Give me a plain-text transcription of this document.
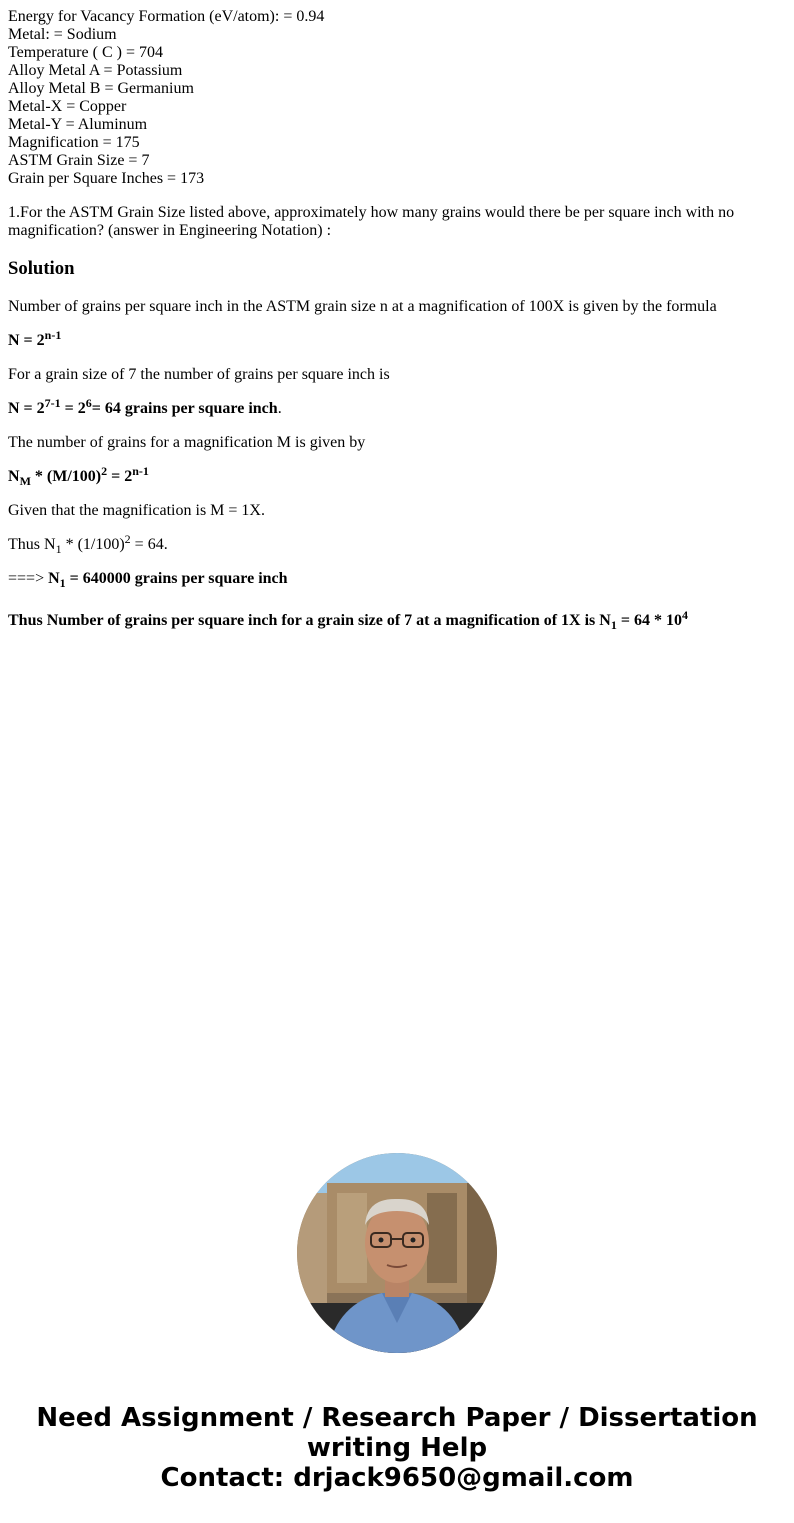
Energy for Vacancy Formation (eV/atom): = 0.94
Metal: = Sodium
Temperature ( C ) = 704
Alloy Metal A = Potassium
Alloy Metal B = Germanium
Metal-X = Copper
Metal-Y = Aluminum
Magnification = 175
ASTM Grain Size = 7
Grain per Square Inches = 173

1.For the ASTM Grain Size listed above, approximately how many grains would there be per square inch with no magnification? (answer in Engineering Notation) :

Solution

Number of grains per square inch in the ASTM grain size n at a magnification of 100X is given by the formula

$N = 2^{n-1}$

For a grain size of 7 the number of grains per square inch is

$N = 2^{7-1} = 2^6= 64$ grains per square inch.

The number of grains for a magnification M is given by

$N_M * (M/100)^2 = 2^{n-1}$

Given that the magnification is M = 1X.

Thus $N_1 * (1/100)^2 = 64$.

===> $N_1 = 640000$ grains per square inch

Thus Number of grains per square inch for a grain size of 7 at a magnification of 1X is $N_1 = 64 * 10^4$

Need Assignment / Research Paper / Dissertation
writing Help
Contact: drjack9650@gmail.com
